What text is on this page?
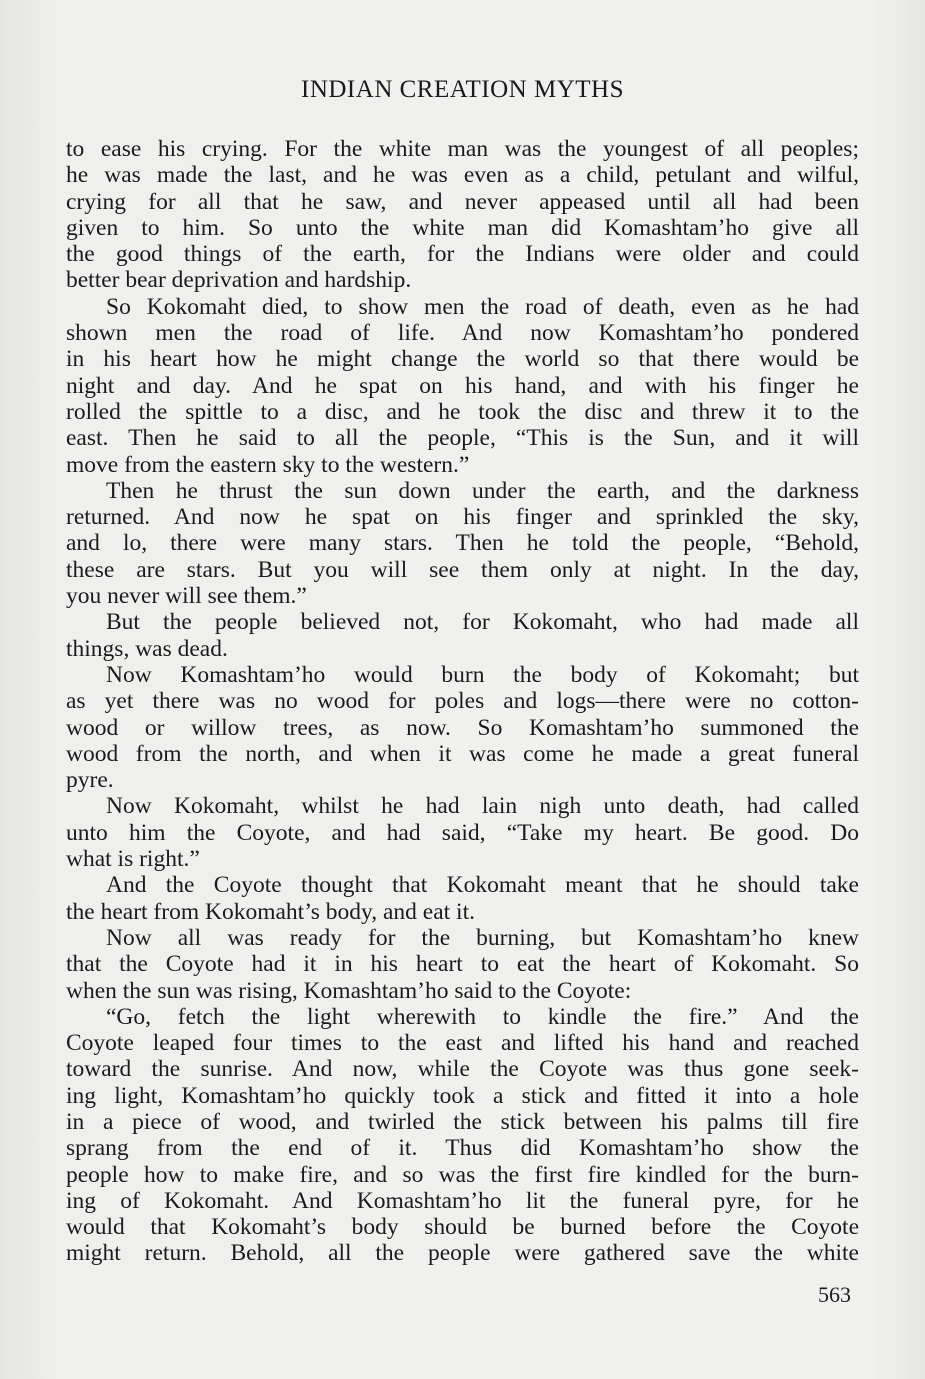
INDIAN CREATION MYTHS
to ease his crying. For the white man was the youngest of all peoples;
he was made the last, and he was even as a child, petulant and wilful,
crying for all that he saw, and never appeased until all had been
given to him. So unto the white man did Komashtam’ho give all
the good things of the earth, for the Indians were older and could
better bear deprivation and hardship.
So Kokomaht died, to show men the road of death, even as he had
shown men the road of life. And now Komashtam’ho pondered
in his heart how he might change the world so that there would be
night and day. And he spat on his hand, and with his finger he
rolled the spittle to a disc, and he took the disc and threw it to the
east. Then he said to all the people, “This is the Sun, and it will
move from the eastern sky to the western.”
Then he thrust the sun down under the earth, and the darkness
returned. And now he spat on his finger and sprinkled the sky,
and lo, there were many stars. Then he told the people, “Behold,
these are stars. But you will see them only at night. In the day,
you never will see them.”
But the people believed not, for Kokomaht, who had made all
things, was dead.
Now Komashtam’ho would burn the body of Kokomaht; but
as yet there was no wood for poles and logs—there were no cotton-
wood or willow trees, as now. So Komashtam’ho summoned the
wood from the north, and when it was come he made a great funeral
pyre.
Now Kokomaht, whilst he had lain nigh unto death, had called
unto him the Coyote, and had said, “Take my heart. Be good. Do
what is right.”
And the Coyote thought that Kokomaht meant that he should take
the heart from Kokomaht’s body, and eat it.
Now all was ready for the burning, but Komashtam’ho knew
that the Coyote had it in his heart to eat the heart of Kokomaht. So
when the sun was rising, Komashtam’ho said to the Coyote:
“Go, fetch the light wherewith to kindle the fire.” And the
Coyote leaped four times to the east and lifted his hand and reached
toward the sunrise. And now, while the Coyote was thus gone seek-
ing light, Komashtam’ho quickly took a stick and fitted it into a hole
in a piece of wood, and twirled the stick between his palms till fire
sprang from the end of it. Thus did Komashtam’ho show the
people how to make fire, and so was the first fire kindled for the burn-
ing of Kokomaht. And Komashtam’ho lit the funeral pyre, for he
would that Kokomaht’s body should be burned before the Coyote
might return. Behold, all the people were gathered save the white
563
